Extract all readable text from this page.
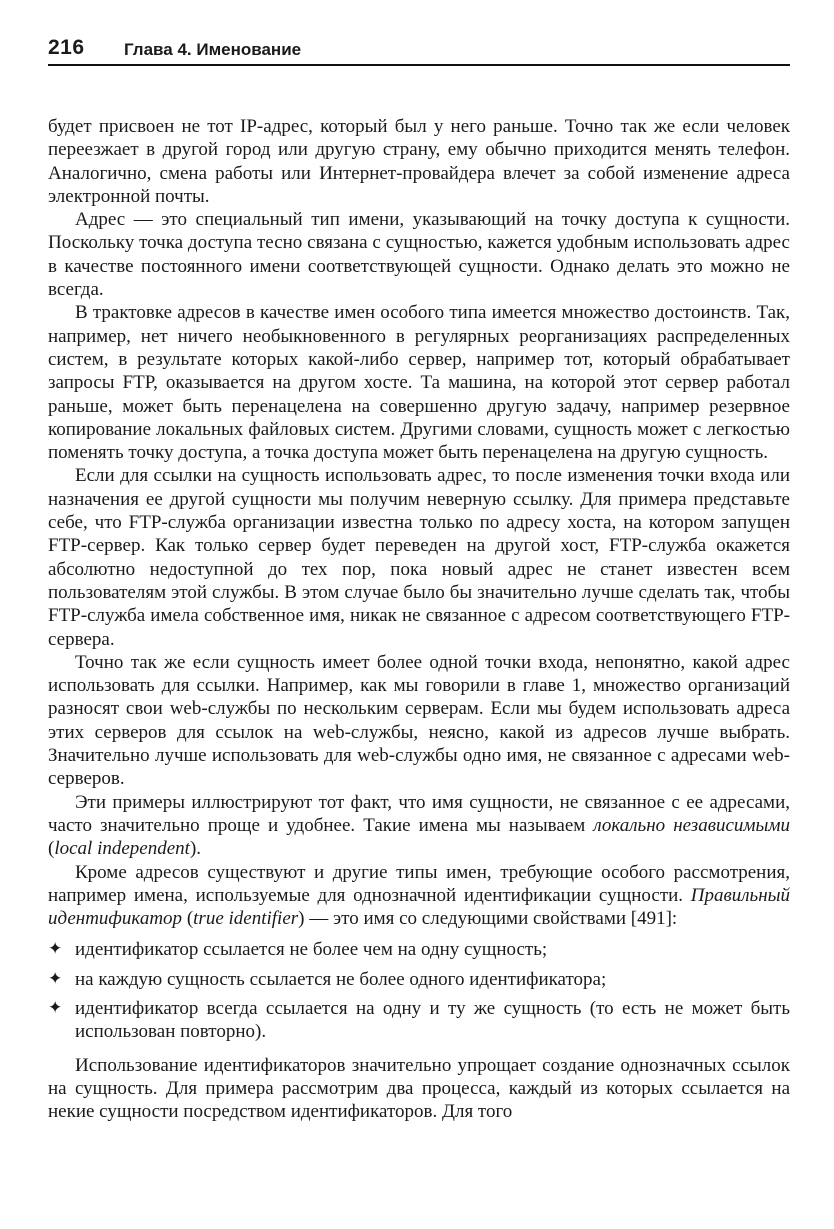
216 Глава 4. Именование

будет присвоен не тот IP-адрес, который был у него раньше. Точно так же если человек переезжает в другой город или другую страну, ему обычно приходится менять телефон. Аналогично, смена работы или Интернет-провайдера влечет за собой изменение адреса электронной почты.

Адрес — это специальный тип имени, указывающий на точку доступа к сущности. Поскольку точка доступа тесно связана с сущностью, кажется удобным использовать адрес в качестве постоянного имени соответствующей сущности. Однако делать это можно не всегда.

В трактовке адресов в качестве имен особого типа имеется множество достоинств. Так, например, нет ничего необыкновенного в регулярных реорганизациях распределенных систем, в результате которых какой-либо сервер, например тот, который обрабатывает запросы FTP, оказывается на другом хосте. Та машина, на которой этот сервер работал раньше, может быть перенацелена на совершенно другую задачу, например резервное копирование локальных файловых систем. Другими словами, сущность может с легкостью поменять точку доступа, а точка доступа может быть перенацелена на другую сущность.

Если для ссылки на сущность использовать адрес, то после изменения точки входа или назначения ее другой сущности мы получим неверную ссылку. Для примера представьте себе, что FTP-служба организации известна только по адресу хоста, на котором запущен FTP-сервер. Как только сервер будет переведен на другой хост, FTP-служба окажется абсолютно недоступной до тех пор, пока новый адрес не станет известен всем пользователям этой службы. В этом случае было бы значительно лучше сделать так, чтобы FTP-служба имела собственное имя, никак не связанное с адресом соответствующего FTP-сервера.

Точно так же если сущность имеет более одной точки входа, непонятно, какой адрес использовать для ссылки. Например, как мы говорили в главе 1, множество организаций разносят свои web-службы по нескольким серверам. Если мы будем использовать адреса этих серверов для ссылок на web-службы, неясно, какой из адресов лучше выбрать. Значительно лучше использовать для web-службы одно имя, не связанное с адресами web-серверов.

Эти примеры иллюстрируют тот факт, что имя сущности, не связанное с ее адресами, часто значительно проще и удобнее. Такие имена мы называем локально независимыми (local independent).

Кроме адресов существуют и другие типы имен, требующие особого рассмотрения, например имена, используемые для однозначной идентификации сущности. Правильный идентификатор (true identifier) — это имя со следующими свойствами [491]:

✦ идентификатор ссылается не более чем на одну сущность;
✦ на каждую сущность ссылается не более одного идентификатора;
✦ идентификатор всегда ссылается на одну и ту же сущность (то есть не может быть использован повторно).

Использование идентификаторов значительно упрощает создание однозначных ссылок на сущность. Для примера рассмотрим два процесса, каждый из которых ссылается на некие сущности посредством идентификаторов. Для того
